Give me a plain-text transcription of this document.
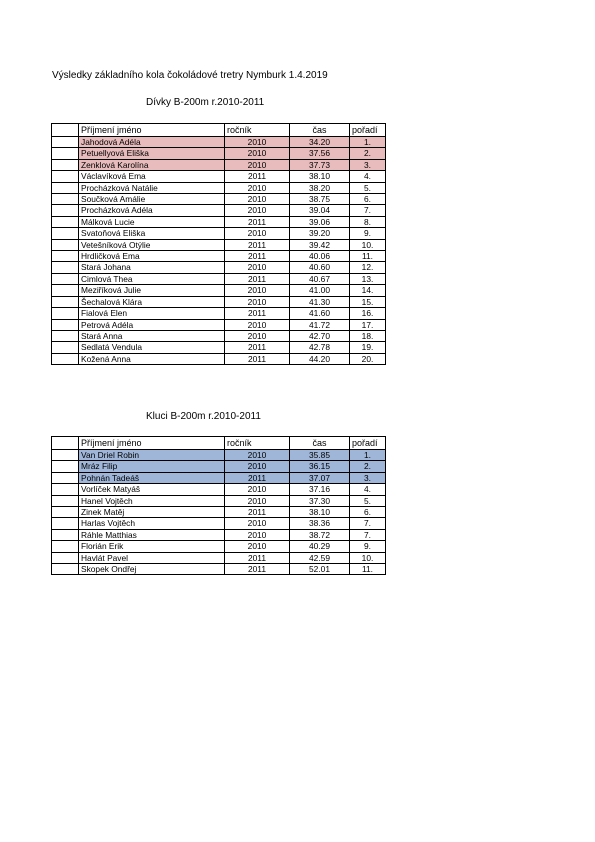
Výsledky základního kola čokoládové tretry Nymburk 1.4.2019
Dívky B-200m r.2010-2011
	Příjmení jméno	ročník	čas	pořadí
	Jahodová Adéla	2010	34.20	1.
	Petuellyová Eliška	2010	37.56	2.
	Zenklová Karolína	2010	37.73	3.
	Václavíková Ema	2011	38.10	4.
	Procházková Natálie	2010	38.20	5.
	Součková Amálie	2010	38.75	6.
	Procházková Adéla	2010	39.04	7.
	Málková Lucie	2011	39.06	8.
	Svatoňová Eliška	2010	39.20	9.
	Vetešníková Otýlie	2011	39.42	10.
	Hrdličková Ema	2011	40.06	11.
	Stará Johana	2010	40.60	12.
	Cimlová Thea	2011	40.67	13.
	Meziříková Julie	2010	41.00	14.
	Šechalová Klára	2010	41.30	15.
	Fialová Elen	2011	41.60	16.
	Petrová Adéla	2010	41.72	17.
	Stará Anna	2010	42.70	18.
	Sedlatá Vendula	2011	42.78	19.
	Kožená Anna	2011	44.20	20.
Kluci B-200m r.2010-2011
	Příjmení jméno	ročník	čas	pořadí
	Van Driel Robin	2010	35.85	1.
	Mráz Filip	2010	36.15	2.
	Pohnán Tadeáš	2011	37.07	3.
	Vorlíček Matyáš	2010	37.16	4.
	Hanel Vojtěch	2010	37.30	5.
	Zinek Matěj	2011	38.10	6.
	Harlas Vojtěch	2010	38.36	7.
	Ráhle Matthias	2010	38.72	7.
	Florián Erik	2010	40.29	9.
	Havlát Pavel	2011	42.59	10.
	Skopek Ondřej	2011	52.01	11.
